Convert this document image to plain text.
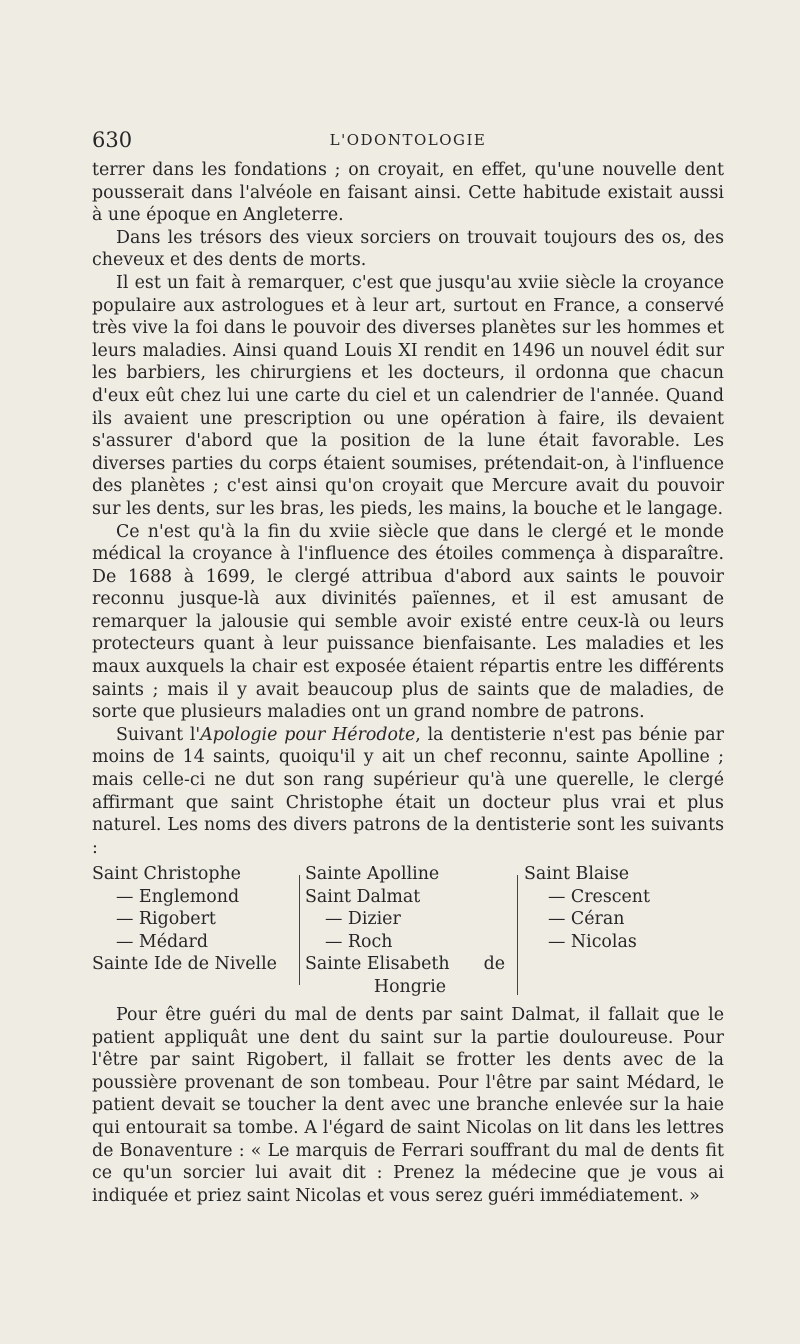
630	L'ODONTOLOGIE

terrer dans les fondations ; on croyait, en effet, qu'une nouvelle dent pousserait dans l'alvéole en faisant ainsi. Cette habitude existait aussi à une époque en Angleterre.

Dans les trésors des vieux sorciers on trouvait toujours des os, des cheveux et des dents de morts.

Il est un fait à remarquer, c'est que jusqu'au xviie siècle la croyance populaire aux astrologues et à leur art, surtout en France, a conservé très vive la foi dans le pouvoir des diverses planètes sur les hommes et leurs maladies. Ainsi quand Louis XI rendit en 1496 un nouvel édit sur les barbiers, les chirurgiens et les docteurs, il ordonna que chacun d'eux eût chez lui une carte du ciel et un calendrier de l'année. Quand ils avaient une prescription ou une opération à faire, ils devaient s'assurer d'abord que la position de la lune était favorable. Les diverses parties du corps étaient soumises, prétendait-on, à l'influence des planètes ; c'est ainsi qu'on croyait que Mercure avait du pouvoir sur les dents, sur les bras, les pieds, les mains, la bouche et le langage.

Ce n'est qu'à la fin du xviie siècle que dans le clergé et le monde médical la croyance à l'influence des étoiles commença à disparaître. De 1688 à 1699, le clergé attribua d'abord aux saints le pouvoir reconnu jusque-là aux divinités païennes, et il est amusant de remarquer la jalousie qui semble avoir existé entre ceux-là ou leurs protecteurs quant à leur puissance bienfaisante. Les maladies et les maux auxquels la chair est exposée étaient répartis entre les différents saints ; mais il y avait beaucoup plus de saints que de maladies, de sorte que plusieurs maladies ont un grand nombre de patrons.

Suivant l'Apologie pour Hérodote, la dentisterie n'est pas bénie par moins de 14 saints, quoiqu'il y ait un chef reconnu, sainte Apolline ; mais celle-ci ne dut son rang supérieur qu'à une querelle, le clergé affirmant que saint Christophe était un docteur plus vrai et plus naturel. Les noms des divers patrons de la dentisterie sont les suivants :

Saint Christophe
— Englemond
— Rigobert
— Médard
Sainte Ide de Nivelle
Sainte Apolline
Saint Dalmat
— Dizier
— Roch
Sainte Elisabeth de
Hongrie
Saint Blaise
— Crescent
— Céran
— Nicolas

Pour être guéri du mal de dents par saint Dalmat, il fallait que le patient appliquât une dent du saint sur la partie douloureuse. Pour l'être par saint Rigobert, il fallait se frotter les dents avec de la poussière provenant de son tombeau. Pour l'être par saint Médard, le patient devait se toucher la dent avec une branche enlevée sur la haie qui entourait sa tombe. A l'égard de saint Nicolas on lit dans les lettres de Bonaventure : « Le marquis de Ferrari souffrant du mal de dents fit ce qu'un sorcier lui avait dit : Prenez la médecine que je vous ai indiquée et priez saint Nicolas et vous serez guéri immédiatement. »
